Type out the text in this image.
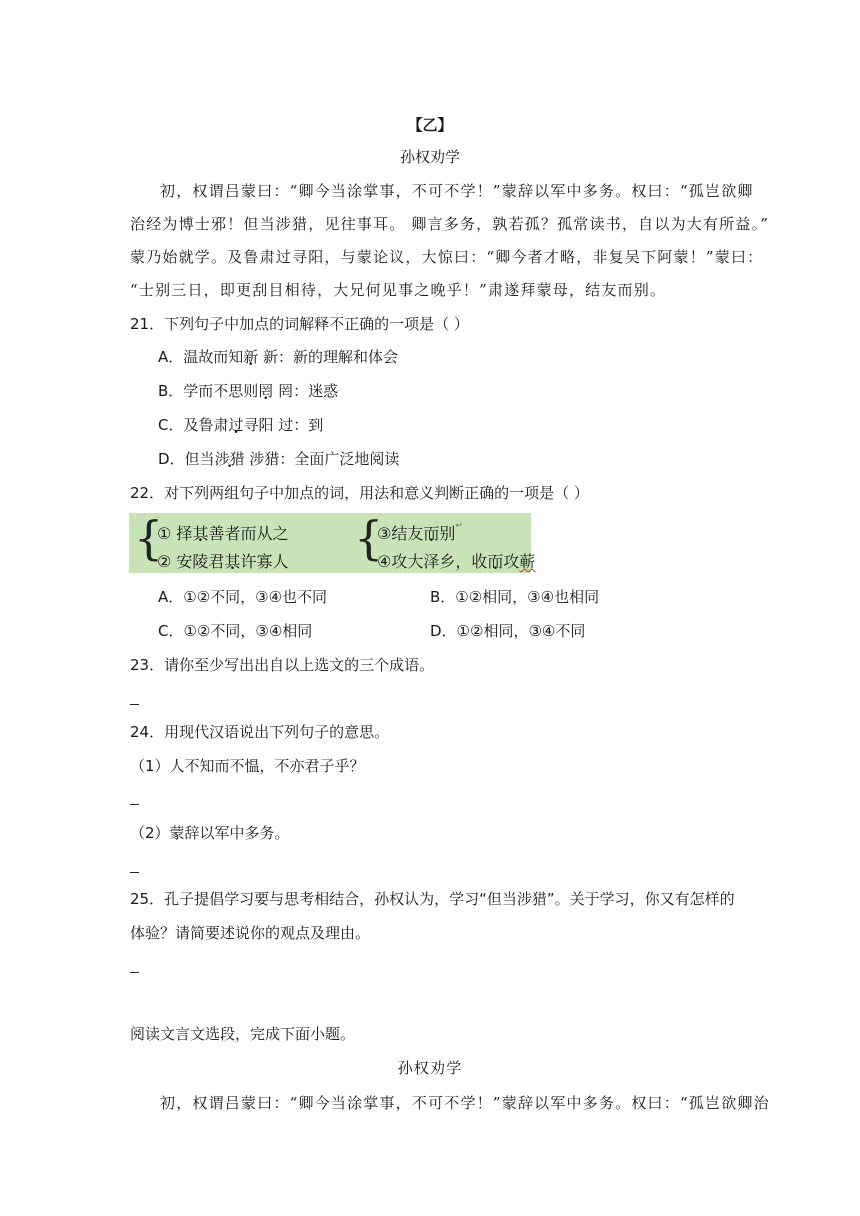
【乙】
孙权劝学
初，权谓吕蒙曰：“卿今当涂掌事，不可不学！”蒙辞以军中多务。权曰：“孤岂欲卿
治经为博士邪！但当涉猎，见往事耳。 卿言多务，孰若孤？孤常读书，自以为大有所益。”
蒙乃始就学。及鲁肃过寻阳，与蒙论议，大惊曰：“卿今者才略，非复吴下阿蒙！”蒙曰：
“士别三日，即更刮目相待，大兄何见事之晚乎！”肃遂拜蒙母，结友而别。
21．下列句子中加点的词解释不正确的一项是（ ）
A．温故而知新 新：新的理解和体会
B．学而不思则罔 罔：迷惑
C．及鲁肃过寻阳 过：到
D．但当涉猎 涉猎：全面广泛地阅读
22．对下列两组句子中加点的词，用法和意义判断正确的一项是（ ）
{
① 择其善者而从之
② 安陵君其许寡人 {
③结友而别↵
④攻大泽乡，收而攻蕲
A．①②不同，③④也不同	B．①②相同，③④也相同
C．①②不同，③④相同	D．①②相同，③④不同
23．请你至少写出出自以上选文的三个成语。
24．用现代汉语说出下列句子的意思。
（1）人不知而不愠，不亦君子乎？
（2）蒙辞以军中多务。
25．孔子提倡学习要与思考相结合，孙权认为，学习“但当涉猎”。关于学习，你又有怎样的
体验？请简要述说你的观点及理由。
阅读文言文选段，完成下面小题。
孙权劝学
初，权谓吕蒙曰：“卿今当涂掌事，不可不学！”蒙辞以军中多务。权曰：“孤岂欲卿治
